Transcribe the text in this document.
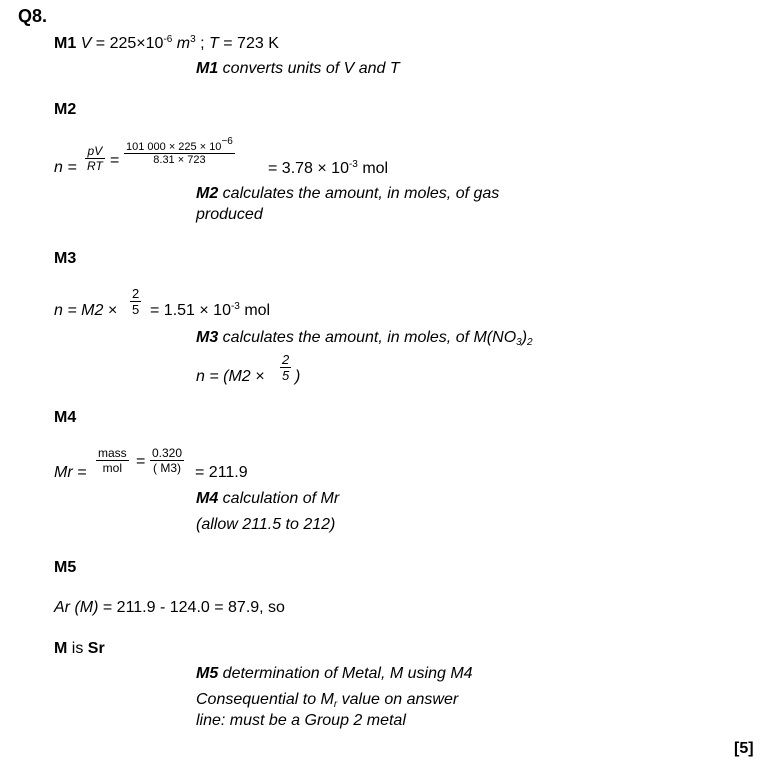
Q8.
M1 $V = 225\times 10^{-6}$ $m^3$ ; T = 723 K
M1 converts units of V and T
M2
n =
pV
RT =
101 $000 \times 225 \times 10^{-6}$
8.31 × 723	= $3.78 \times 10^{-3}$ mol
M2 calculates the amount, in moles, of gas
produced
M3
n = M2 ×
2
$5 = 1.51 \times 10^{-3}$ mol
M3 calculates the amount, in moles, of $M(NO_3)_2$
n = (M2 ×
2
5 )
M4
Mr =
mass
mol = 0.320
( M3) = 211.9
M4 calculation of Mr
(allow 211.5 to 212)
M5
Ar (M) = 211.9 - 124.0 = 87.9, so
M is Sr
M5 determination of Metal, M using M4
Consequential to $M_r$ value on answer
line: must be a Group 2 metal
[5]
